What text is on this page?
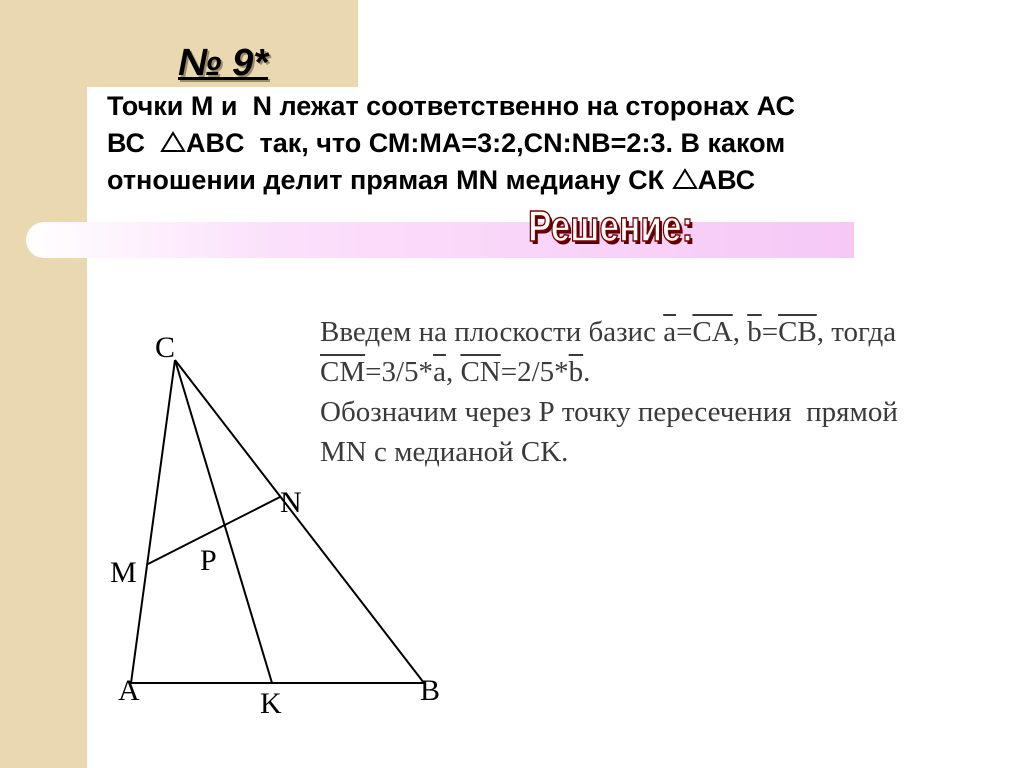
№ 9*
Точки M и  N лежат соответственно на сторонах АС
ВС  ABC  так, что СМ:МА=3:2,CN:NB=2:3. В каком
отношении делит прямая MN медиану СК АВС
Решение:
Введем на плоскости базис $\overline{a}=\overline{CA}$, $\overline{b}=\overline{CB}$, тогда
$\overline{CM}=3/5*\overline{a}$, $\overline{CN}=2/5*\overline{b}$.
Обозначим через Р точку пересечения  прямой
MN с медианой CK.
C
N
M P
A	K	B
